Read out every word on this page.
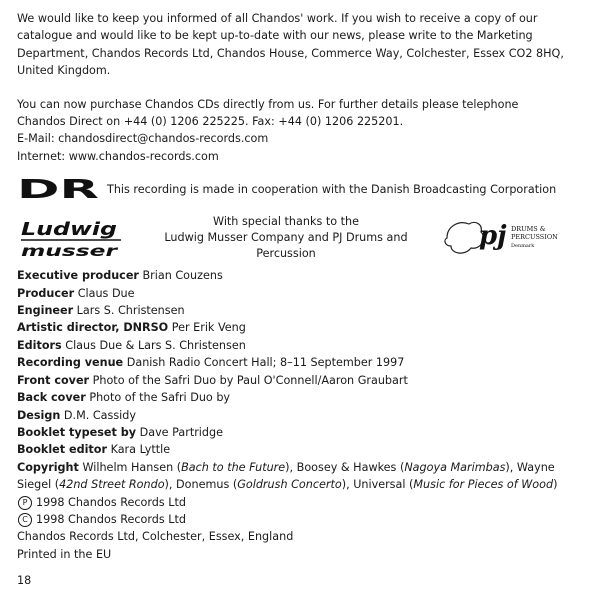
We would like to keep you informed of all Chandos' work. If you wish to receive a copy of our catalogue and would like to be kept up-to-date with our news, please write to the Marketing Department, Chandos Records Ltd, Chandos House, Commerce Way, Colchester, Essex CO2 8HQ, United Kingdom.

You can now purchase Chandos CDs directly from us. For further details please telephone

Chandos Direct on +44 (0) 1206 225225. Fax: +44 (0) 1206 225201.

E-Mail: chandosdirect@chandos-records.com

Internet: www.chandos-records.com

DR This recording is made in cooperation with the Danish Broadcasting Corporation
Ludwig
musser

With special thanks to the

Ludwig Musser Company and PJ Drums and Percussion

pj DRUMS &
PERCUSSION
Denmark

Executive producer Brian Couzens

Producer Claus Due

Engineer Lars S. Christensen

Artistic director, DNRSO Per Erik Veng

Editors Claus Due & Lars S. Christensen

Recording venue Danish Radio Concert Hall; 8–11 September 1997

Front cover Photo of the Safri Duo by Paul O'Connell/Aaron Graubart

Back cover Photo of the Safri Duo by

Design D.M. Cassidy

Booklet typeset by Dave Partridge

Booklet editor Kara Lyttle

Copyright Wilhelm Hansen (Bach to the Future), Boosey & Hawkes (Nagoya Marimbas), Wayne Siegel (42nd Street Rondo), Donemus (Goldrush Concerto), Universal (Music for Pieces of Wood)

P 1998 Chandos Records Ltd

C 1998 Chandos Records Ltd

Chandos Records Ltd, Colchester, Essex, England

Printed in the EU

18
